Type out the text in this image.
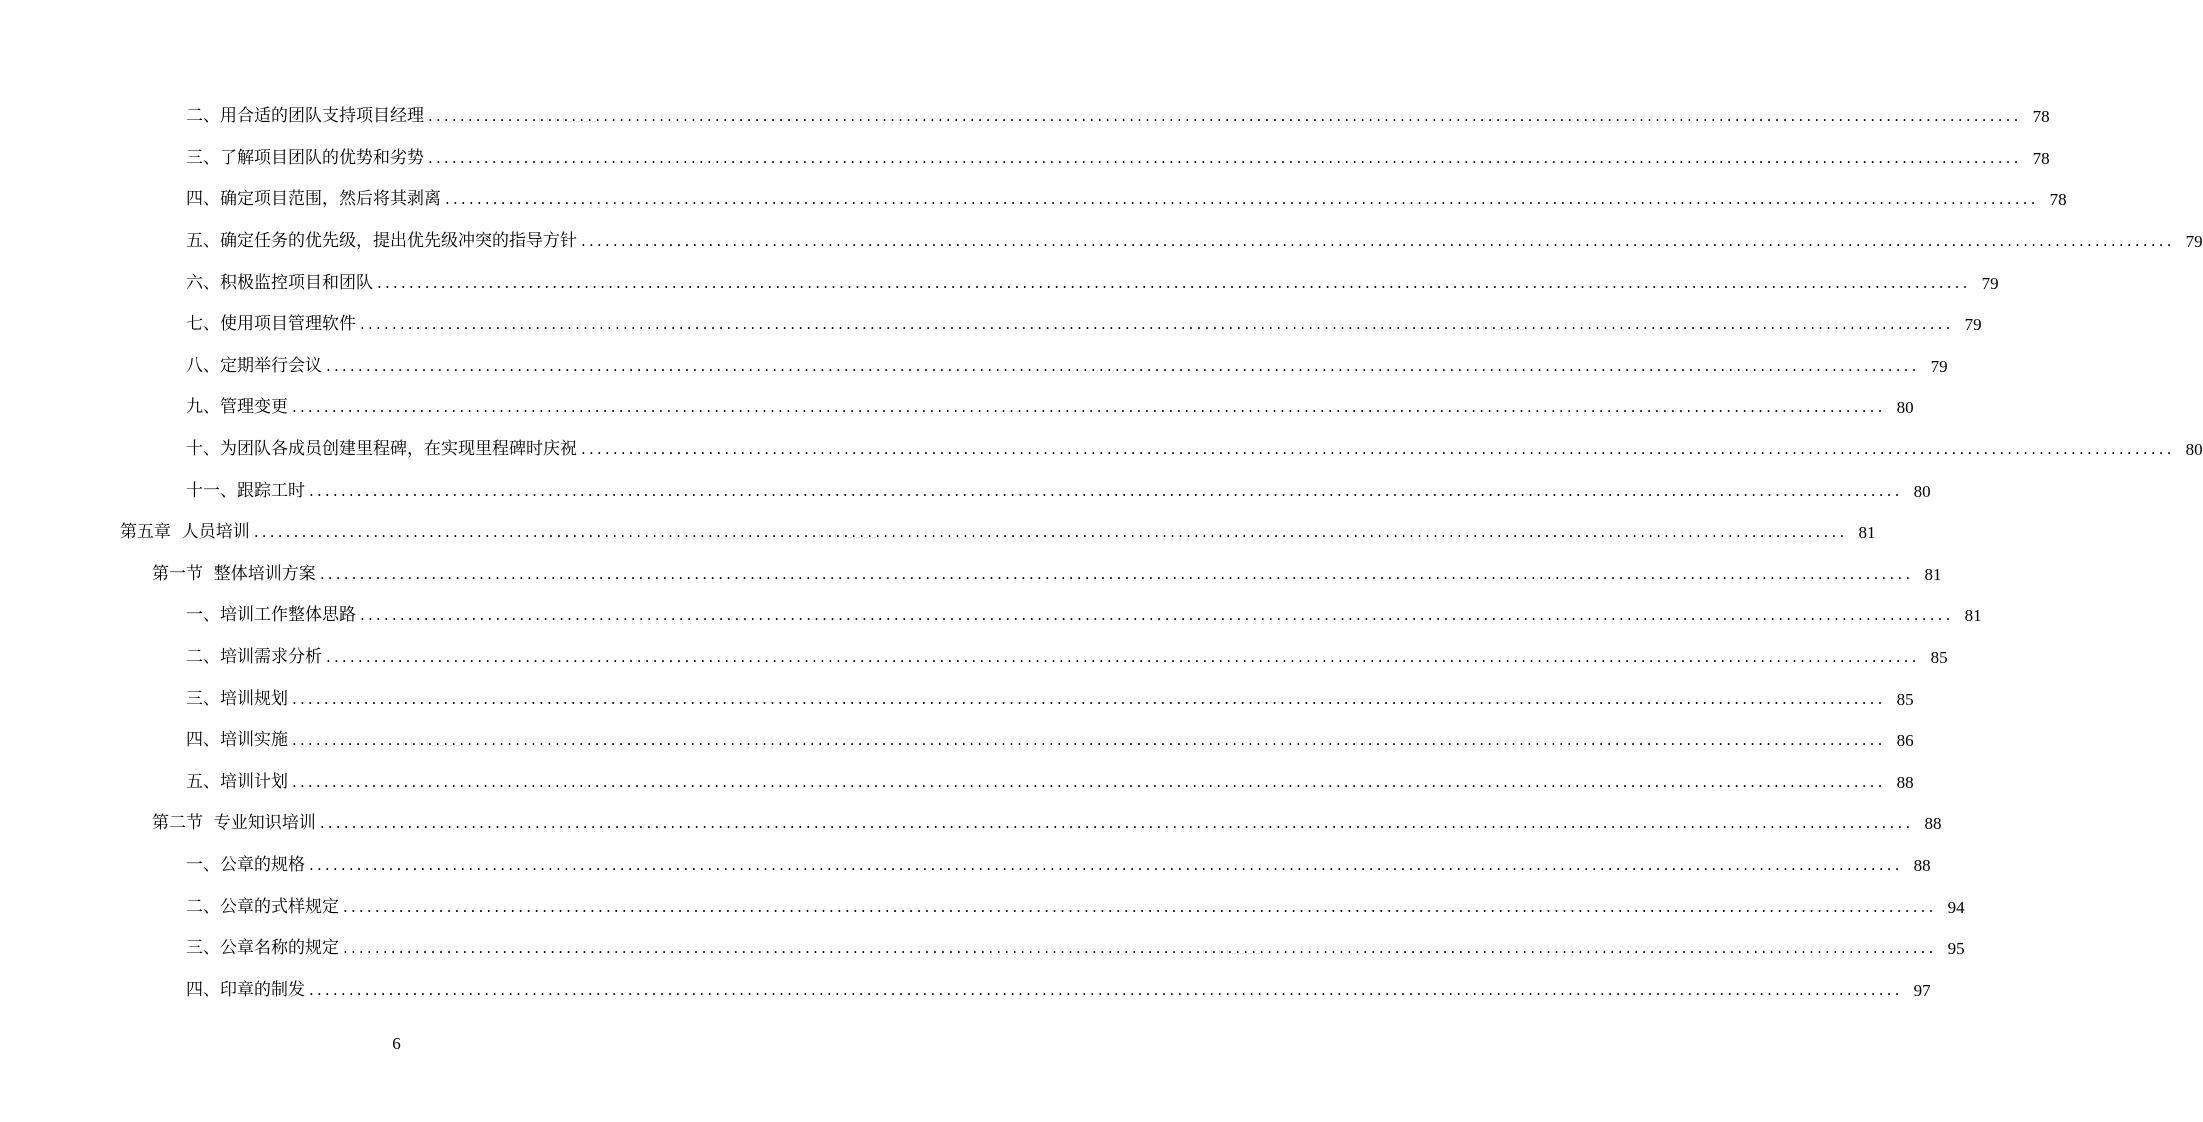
二、用合适的团队支持项目经理 ........................................................................................................................................................................................................ 78
三、了解项目团队的优势和劣势 ........................................................................................................................................................................................................ 78
四、确定项目范围，然后将其剥离 ........................................................................................................................................................................................................ 78
五、确定任务的优先级，提出优先级冲突的指导方针 ........................................................................................................................................................................................................ 79
六、积极监控项目和团队 ........................................................................................................................................................................................................ 79
七、使用项目管理软件 ........................................................................................................................................................................................................ 79
八、定期举行会议 ........................................................................................................................................................................................................ 79
九、管理变更 ........................................................................................................................................................................................................ 80
十、为团队各成员创建里程碑，在实现里程碑时庆祝 ........................................................................................................................................................................................................ 80
十一、跟踪工时 ........................................................................................................................................................................................................ 80
第五章  人员培训 ........................................................................................................................................................................................................ 81
第一节  整体培训方案 ........................................................................................................................................................................................................ 81
一、培训工作整体思路 ........................................................................................................................................................................................................ 81
二、培训需求分析 ........................................................................................................................................................................................................ 85
三、培训规划 ........................................................................................................................................................................................................ 85
四、培训实施 ........................................................................................................................................................................................................ 86
五、培训计划 ........................................................................................................................................................................................................ 88
第二节  专业知识培训 ........................................................................................................................................................................................................ 88
一、公章的规格 ........................................................................................................................................................................................................ 88
二、公章的式样规定 ........................................................................................................................................................................................................ 94
三、公章名称的规定 ........................................................................................................................................................................................................ 95
四、印章的制发 ........................................................................................................................................................................................................ 97
6
